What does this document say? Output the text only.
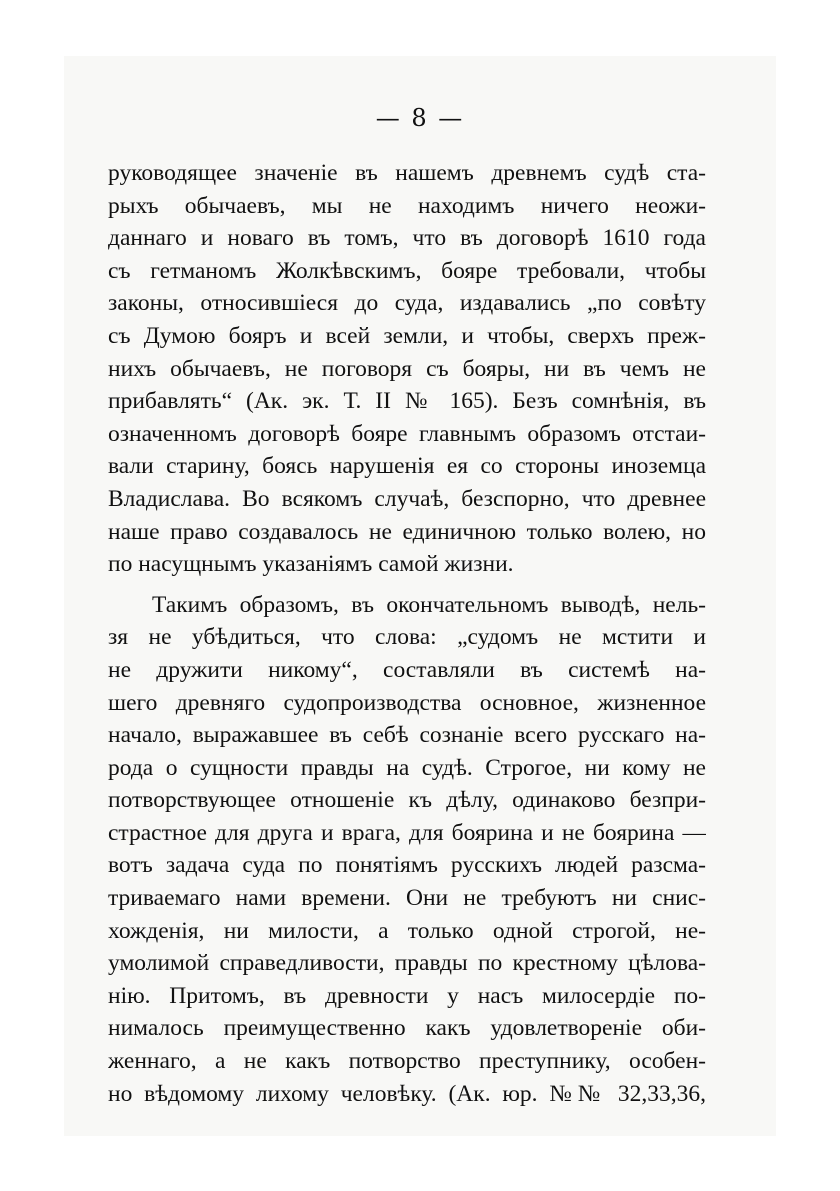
— 8 —
руководящее значенiе въ нашемъ древнемъ судѣ ста-
рыхъ обычаевъ, мы не находимъ ничего неожи-
даннаго и новаго въ томъ, что въ договорѣ 1610 года
съ гетманомъ Жолкѣвскимъ, бояре требовали, чтобы
законы, относившiеся до суда, издавались „по совѣту
съ Думою бояръ и всей земли, и чтобы, сверхъ преж-
нихъ обычаевъ, не поговоря съ бояры, ни въ чемъ не
прибавлять“ (Ак. эк. Т. II № 165). Безъ сомнѣнiя, въ
означенномъ договорѣ бояре главнымъ образомъ отстаи-
вали старину, боясь нарушенiя ея со стороны иноземца
Владислава. Во всякомъ случаѣ, безспорно, что древнее
наше право создавалось не единичною только волею, но
по насущнымъ указанiямъ самой жизни.
Такимъ образомъ, въ окончательномъ выводѣ, нель-
зя не убѣдиться, что слова: „судомъ не мстити и
не дружити никому“, составляли въ системѣ на-
шего древняго судопроизводства основное, жизненное
начало, выражавшее въ себѣ сознанiе всего русскаго на-
рода о сущности правды на судѣ. Строгое, ни кому не
потворствующее отношенiе къ дѣлу, одинаково безпри-
страстное для друга и врага, для боярина и не боярина —
вотъ задача суда по понятiямъ русскихъ людей разсма-
триваемаго нами времени. Они не требуютъ ни снис-
хожденiя, ни милости, а только одной строгой, не-
умолимой справедливости, правды по крестному цѣлова-
нiю. Притомъ, въ древности у насъ милосердiе по-
нималось преимущественно какъ удовлетворенiе оби-
женнаго, а не какъ потворство преступнику, особен-
но вѣдомому лихому человѣку. (Ак. юр. №№ 32,33,36,
